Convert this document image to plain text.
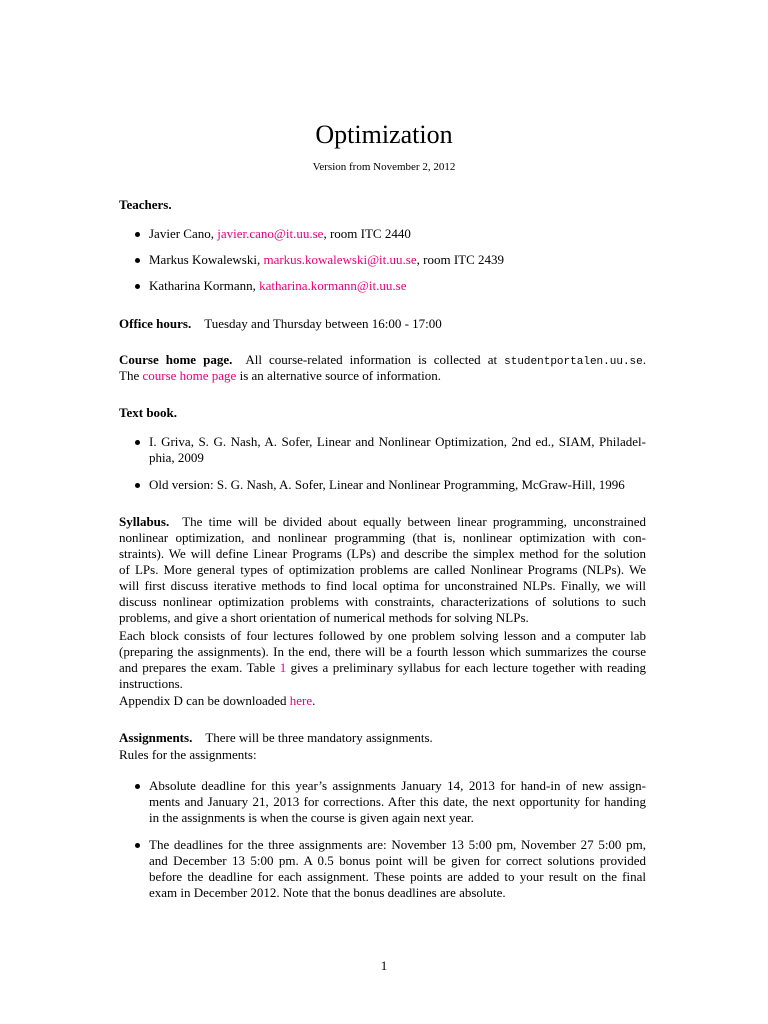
Optimization
Version from November 2, 2012
Teachers.
Javier Cano, javier.cano@it.uu.se, room ITC 2440
Markus Kowalewski, markus.kowalewski@it.uu.se, room ITC 2439
Katharina Kormann, katharina.kormann@it.uu.se
Office hours. Tuesday and Thursday between 16:00 - 17:00
Course home page. All course-related information is collected at studentportalen.uu.se.
The course home page is an alternative source of information.
Text book.
I. Griva, S. G. Nash, A. Sofer, Linear and Nonlinear Optimization, 2nd ed., SIAM, Philadel-
phia, 2009
Old version: S. G. Nash, A. Sofer, Linear and Nonlinear Programming, McGraw-Hill, 1996
Syllabus. The time will be divided about equally between linear programming, unconstrained
nonlinear optimization, and nonlinear programming (that is, nonlinear optimization with con-
straints). We will define Linear Programs (LPs) and describe the simplex method for the solution
of LPs. More general types of optimization problems are called Nonlinear Programs (NLPs). We
will first discuss iterative methods to find local optima for unconstrained NLPs. Finally, we will
discuss nonlinear optimization problems with constraints, characterizations of solutions to such
problems, and give a short orientation of numerical methods for solving NLPs.
Each block consists of four lectures followed by one problem solving lesson and a computer lab
(preparing the assignments). In the end, there will be a fourth lesson which summarizes the course
and prepares the exam. Table 1 gives a preliminary syllabus for each lecture together with reading
instructions.
Appendix D can be downloaded here.
Assignments. There will be three mandatory assignments.
Rules for the assignments:
Absolute deadline for this year’s assignments January 14, 2013 for hand-in of new assign-
ments and January 21, 2013 for corrections. After this date, the next opportunity for handing
in the assignments is when the course is given again next year.
The deadlines for the three assignments are: November 13 5:00 pm, November 27 5:00 pm,
and December 13 5:00 pm. A 0.5 bonus point will be given for correct solutions provided
before the deadline for each assignment. These points are added to your result on the final
exam in December 2012. Note that the bonus deadlines are absolute.
1
